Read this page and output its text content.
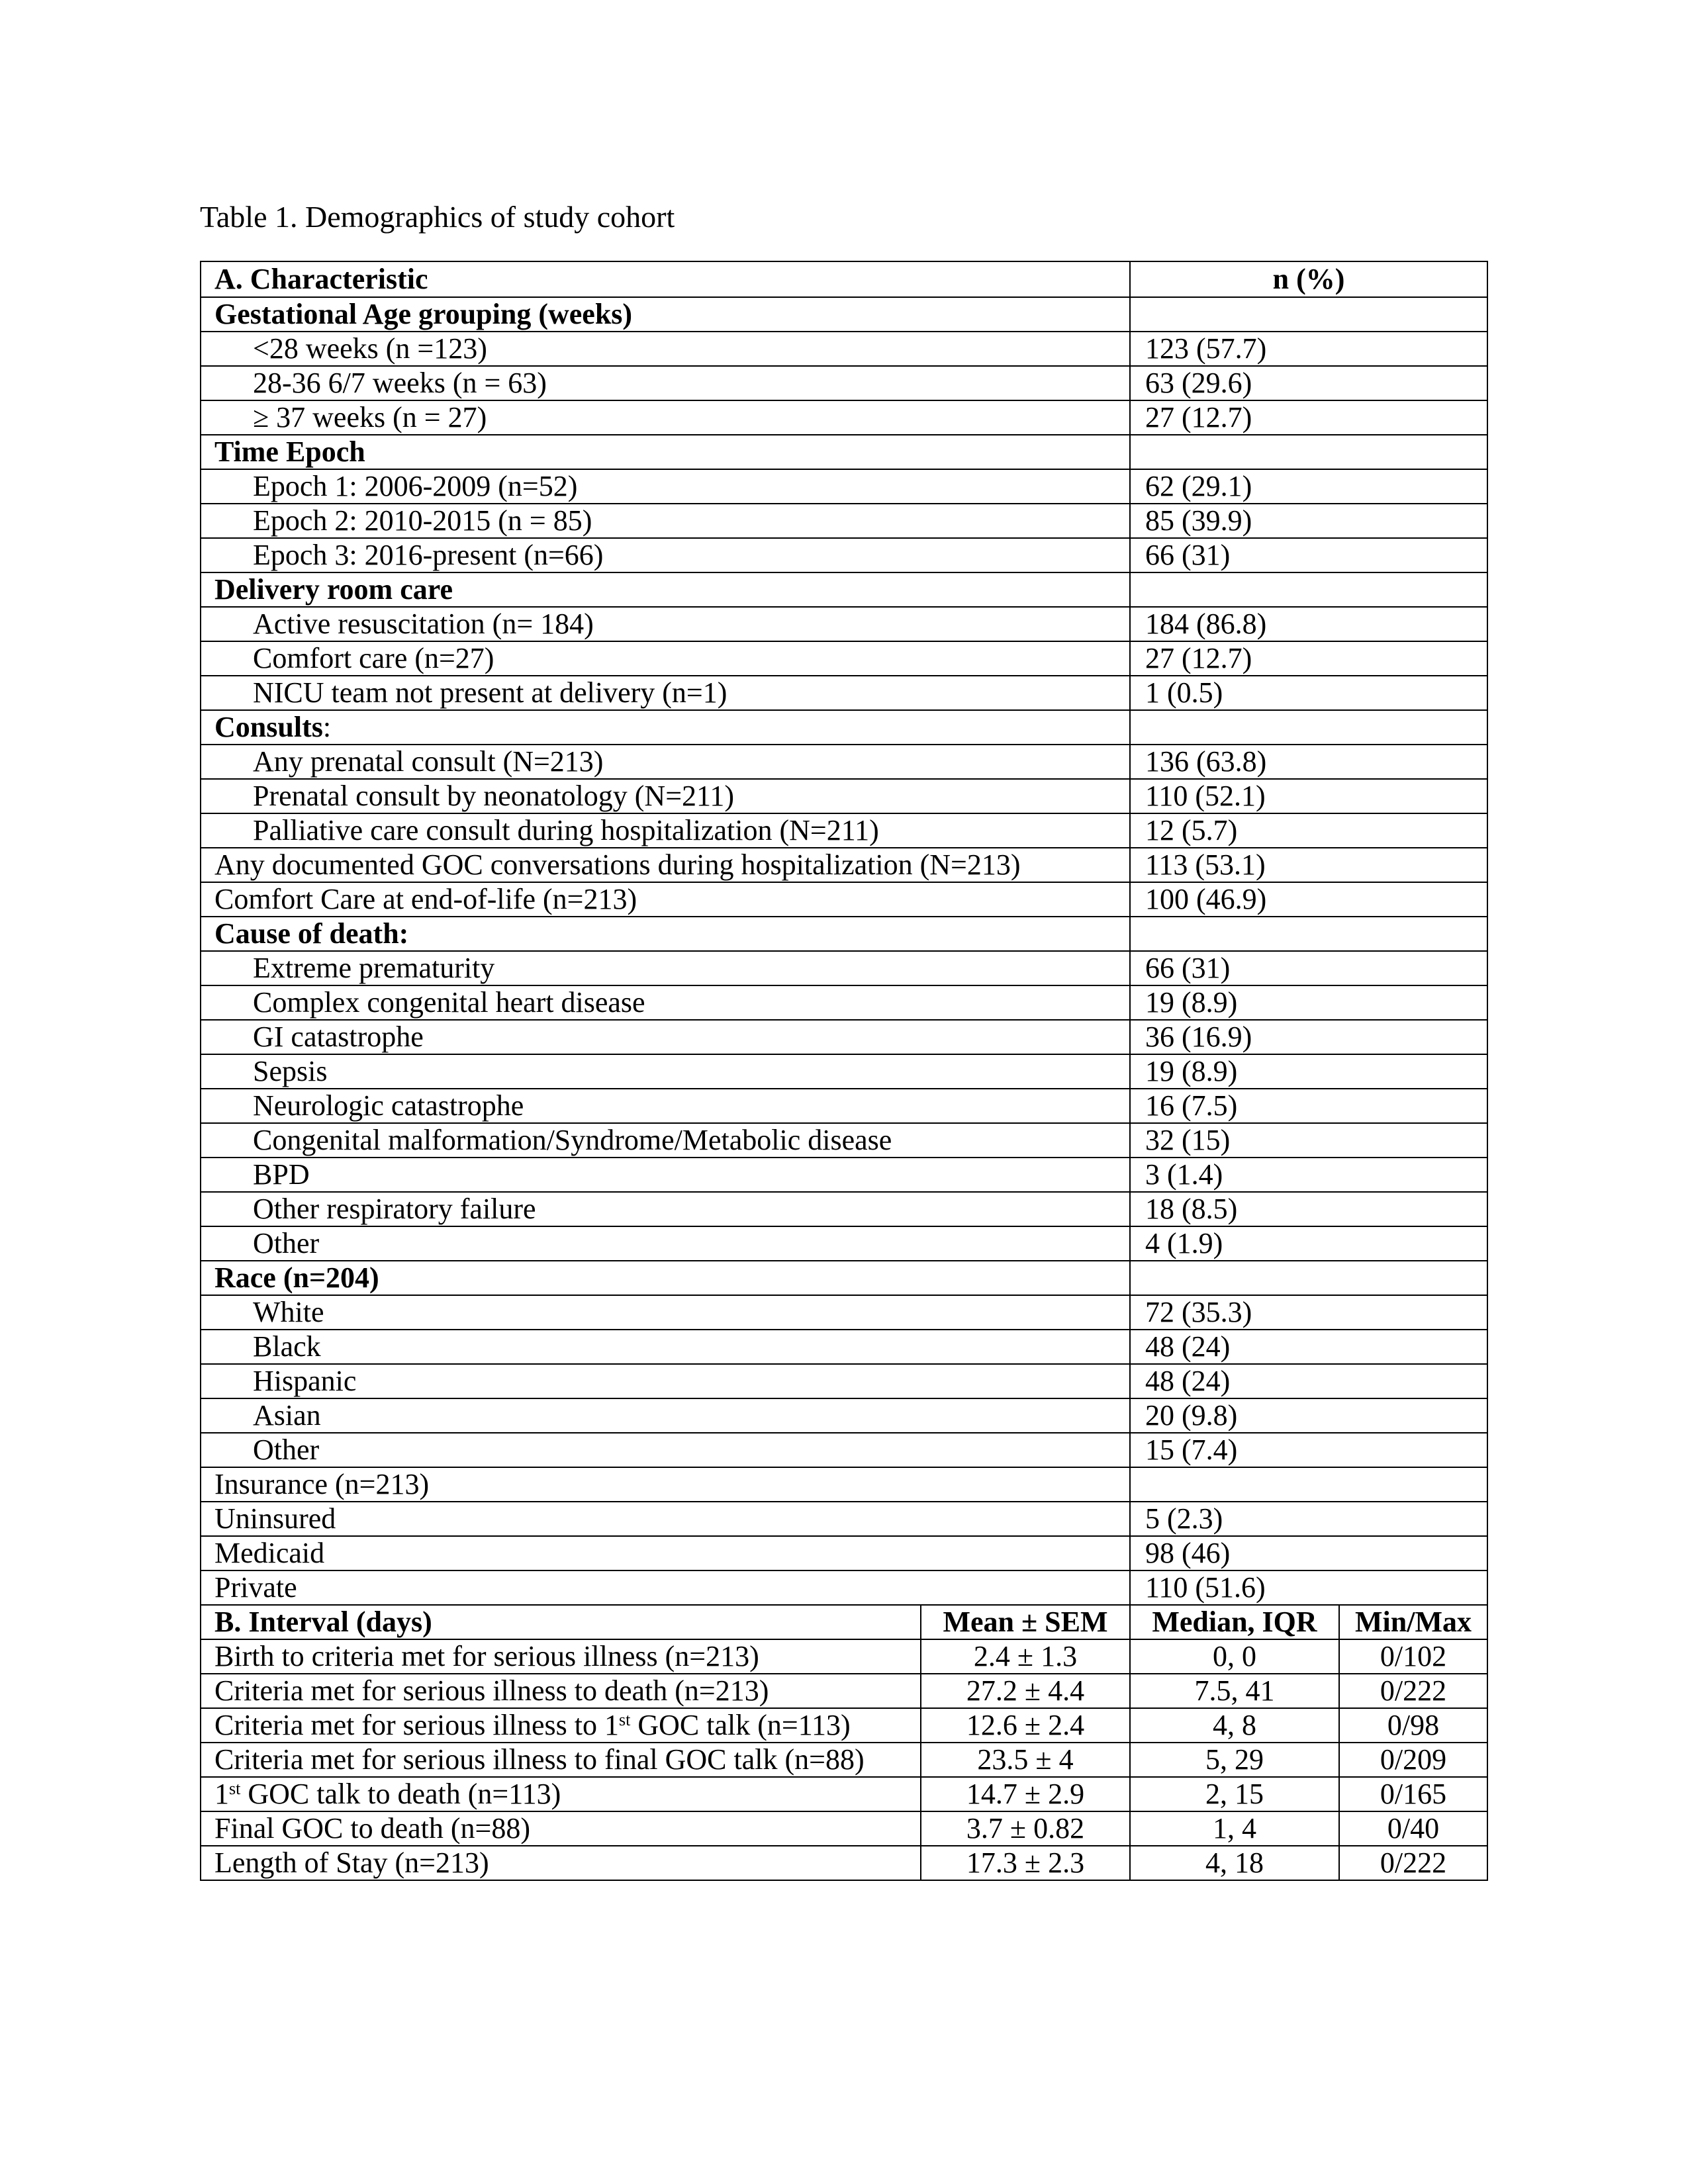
Table 1. Demographics of study cohort
A. Characteristic		n (%)	
Gestational Age grouping (weeks)			
<28 weeks (n =123)		123 (57.7)	
28-36 6/7 weeks (n = 63)		63 (29.6)	
≥ 37 weeks (n = 27)		27 (12.7)	
Time Epoch			
Epoch 1: 2006-2009 (n=52)		62 (29.1)	
Epoch 2: 2010-2015 (n = 85)		85 (39.9)	
Epoch 3: 2016-present (n=66)		66 (31)	
Delivery room care			
Active resuscitation (n= 184)		184 (86.8)	
Comfort care (n=27)		27 (12.7)	
NICU team not present at delivery (n=1)		1 (0.5)	
Consults:			
Any prenatal consult (N=213)		136 (63.8)	
Prenatal consult by neonatology (N=211)		110 (52.1)	
Palliative care consult during hospitalization (N=211)		12 (5.7)	
Any documented GOC conversations during hospitalization (N=213)		113 (53.1)	
Comfort Care at end-of-life (n=213)		100 (46.9)	
Cause of death:			
Extreme prematurity		66 (31)	
Complex congenital heart disease		19 (8.9)	
GI catastrophe		36 (16.9)	
Sepsis		19 (8.9)	
Neurologic catastrophe		16 (7.5)	
Congenital malformation/Syndrome/Metabolic disease		32 (15)	
BPD		3 (1.4)	
Other respiratory failure		18 (8.5)	
Other		4 (1.9)	
Race (n=204)			
White		72 (35.3)	
Black		48 (24)	
Hispanic		48 (24)	
Asian		20 (9.8)	
Other		15 (7.4)	
Insurance (n=213)			
Uninsured		5 (2.3)	
Medicaid		98 (46)	
Private		110 (51.6)	
B. Interval (days)	Mean ± SEM	Median, IQR	Min/Max
Birth to criteria met for serious illness (n=213)	2.4 ± 1.3	0, 0	0/102
Criteria met for serious illness to death (n=213)	27.2 ± 4.4	7.5, 41	0/222
Criteria met for serious illness to 1st GOC talk (n=113)	12.6 ± 2.4	4, 8	0/98
Criteria met for serious illness to final GOC talk (n=88)	23.5 ± 4	5, 29	0/209
1st GOC talk to death (n=113)	14.7 ± 2.9	2, 15	0/165
Final GOC to death (n=88)	3.7 ± 0.82	1, 4	0/40
Length of Stay (n=213)	17.3 ± 2.3	4, 18	0/222
